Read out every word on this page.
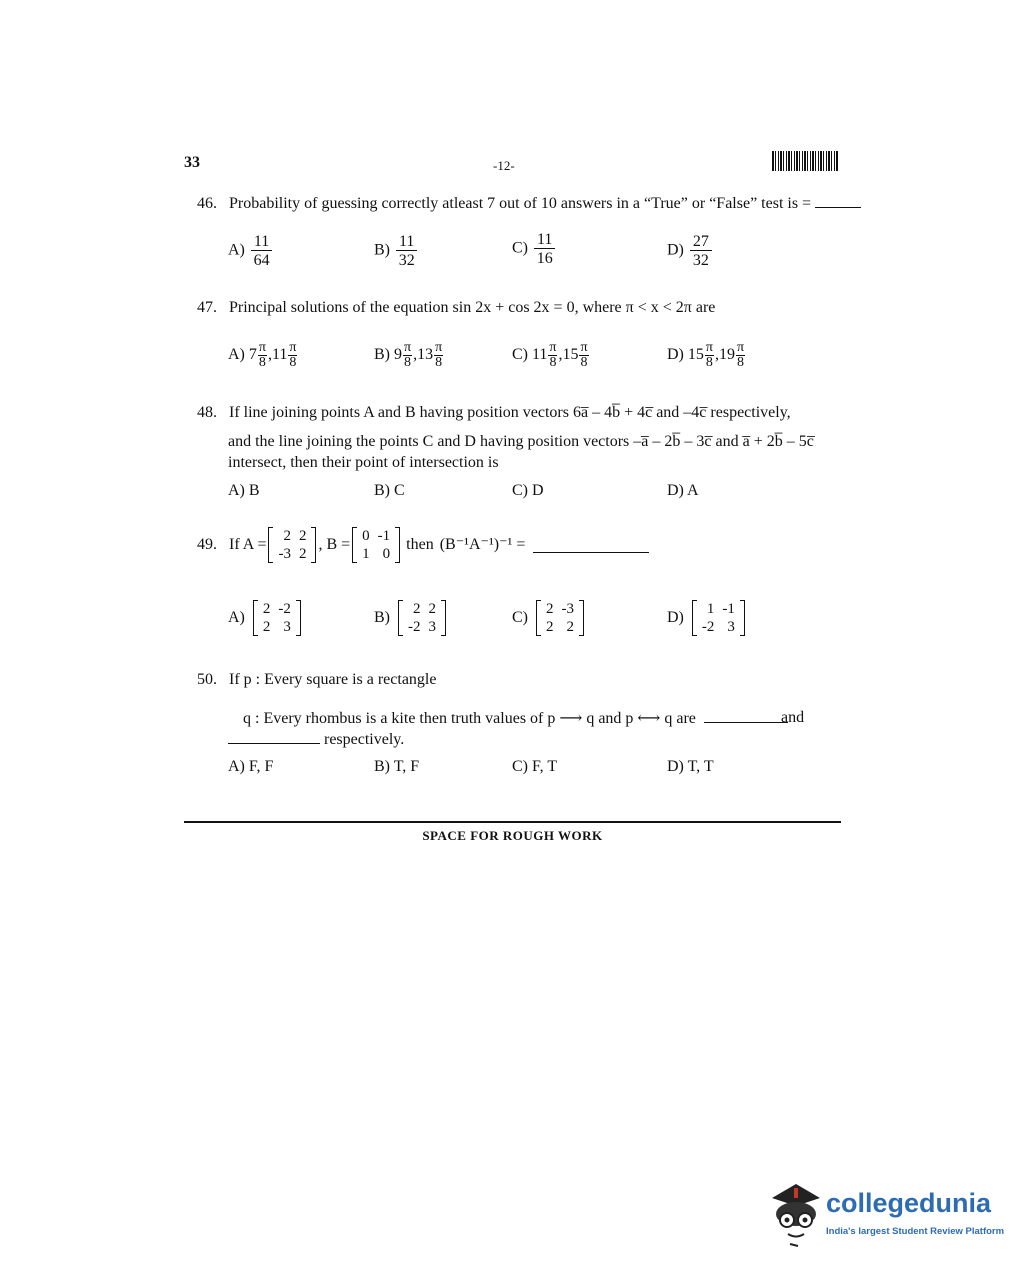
33	-12-
46. Probability of guessing correctly atleast 7 out of 10 answers in a “True” or “False” test is =
$A) \frac{11}{64}$	$B) \frac{11}{32}$	$C) \frac{11}{16}$	$D) \frac{27}{32}$
47. Principal solutions of the equation sin 2x + cos 2x = 0, where π < x < 2π are
A) $7 \frac{\pi}{8} ,11 \frac{\pi}{8}$	B) $9 \frac{\pi}{8} ,13 \frac{\pi}{8}$	C) $11 \frac{\pi}{8} ,15 \frac{\pi}{8}$	D) $15 \frac{\pi}{8} ,19 \frac{\pi}{8}$
48. If line joining points A and B having position vectors 6a̅ – 4b̅ + 4c̅ and –4c̅ respectively,
and the line joining the points C and D having position vectors –a̅ – 2b̅ – 3c̅ and a̅ + 2b̅ – 5c̅
intersect, then their point of intersection is
A) B	B) C	C) D	D) A
49. If A = 2	2
-3	2
, B = 0	-1
1	0
then (B⁻¹A⁻¹)⁻¹ =
A) 2	-2
2	3
B) 2	2
-2	3
C) 2	-3
2	2
D) 1	-1
-2	3
50. If p : Every square is a rectangle
q : Every rhombus is a kite then truth values of p ⟶ q and p ⟷ q are	and
respectively.
A) F, F	B) T, F	C) F, T	D) T, T
SPACE FOR ROUGH WORK
collegedunia
India's largest Student Review Platform
